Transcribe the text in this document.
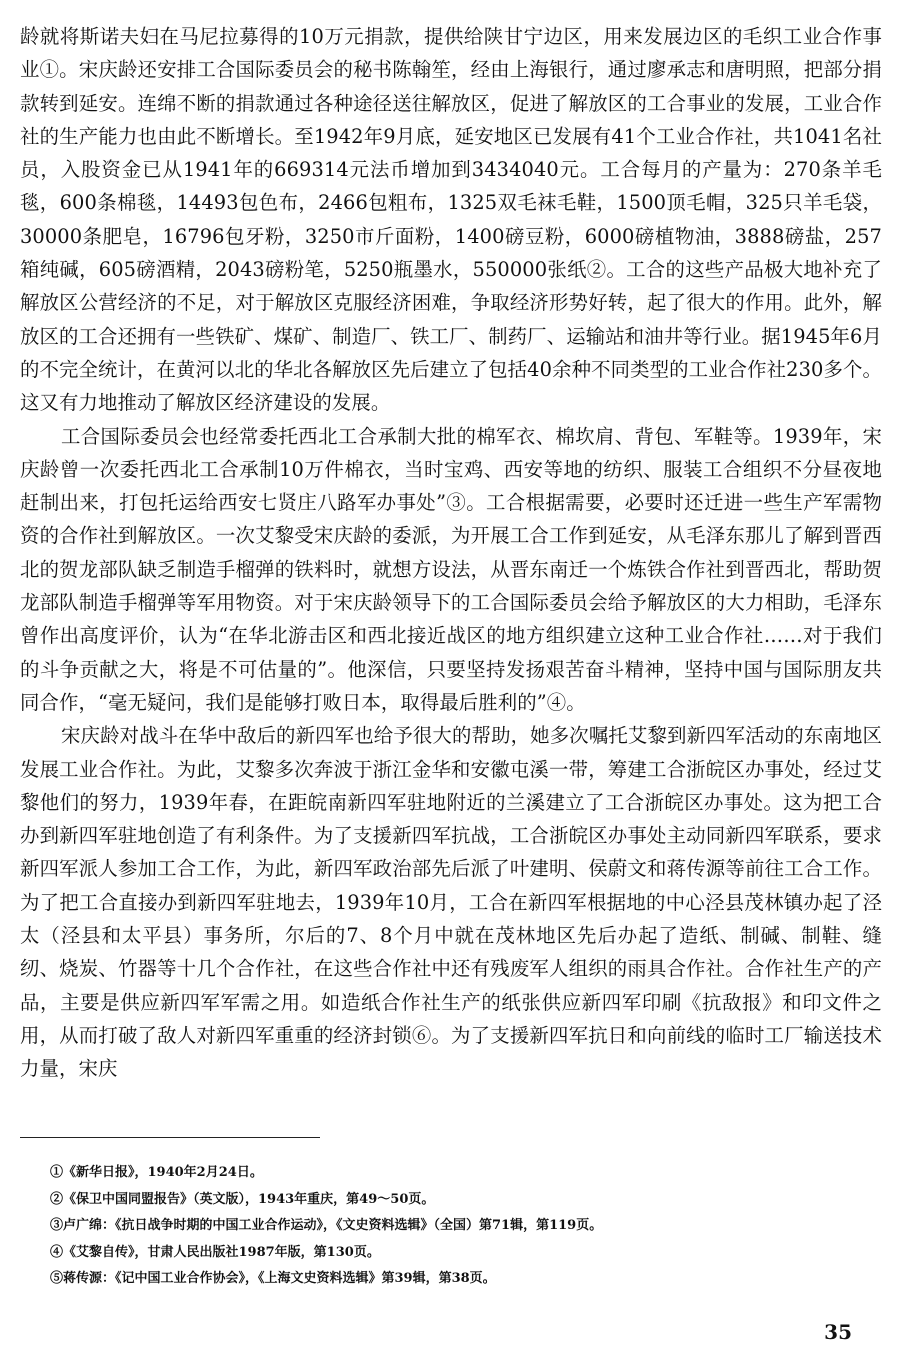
龄就将斯诺夫妇在马尼拉募得的10万元捐款，提供给陕甘宁边区，用来发展边区的毛织工业合作事业①。宋庆龄还安排工合国际委员会的秘书陈翰笙，经由上海银行，通过廖承志和唐明照，把部分捐款转到延安。连绵不断的捐款通过各种途径送往解放区，促进了解放区的工合事业的发展，工业合作社的生产能力也由此不断增长。至1942年9月底，延安地区已发展有41个工业合作社，共1041名社员，入股资金已从1941年的669314元法币增加到3434040元。工合每月的产量为：270条羊毛毯，600条棉毯，14493包色布，2466包粗布，1325双毛袜毛鞋，1500顶毛帽，325只羊毛袋，30000条肥皂，16796包牙粉，3250市斤面粉，1400磅豆粉，6000磅植物油，3888磅盐，257箱纯碱，605磅酒精，2043磅粉笔，5250瓶墨水，550000张纸②。工合的这些产品极大地补充了解放区公营经济的不足，对于解放区克服经济困难，争取经济形势好转，起了很大的作用。此外，解放区的工合还拥有一些铁矿、煤矿、制造厂、铁工厂、制药厂、运输站和油井等行业。据1945年6月的不完全统计，在黄河以北的华北各解放区先后建立了包括40余种不同类型的工业合作社230多个。这又有力地推动了解放区经济建设的发展。

工合国际委员会也经常委托西北工合承制大批的棉军衣、棉坎肩、背包、军鞋等。1939年，宋庆龄曾一次委托西北工合承制10万件棉衣，当时宝鸡、西安等地的纺织、服装工合组织不分昼夜地赶制出来，打包托运给西安七贤庄八路军办事处”③。工合根据需要，必要时还迁进一些生产军需物资的合作社到解放区。一次艾黎受宋庆龄的委派，为开展工合工作到延安，从毛泽东那儿了解到晋西北的贺龙部队缺乏制造手榴弹的铁料时，就想方设法，从晋东南迁一个炼铁合作社到晋西北，帮助贺龙部队制造手榴弹等军用物资。对于宋庆龄领导下的工合国际委员会给予解放区的大力相助，毛泽东曾作出高度评价，认为“在华北游击区和西北接近战区的地方组织建立这种工业合作社……对于我们的斗争贡献之大，将是不可估量的”。他深信，只要坚持发扬艰苦奋斗精神，坚持中国与国际朋友共同合作，“毫无疑问，我们是能够打败日本，取得最后胜利的”④。

宋庆龄对战斗在华中敌后的新四军也给予很大的帮助，她多次嘱托艾黎到新四军活动的东南地区发展工业合作社。为此，艾黎多次奔波于浙江金华和安徽屯溪一带，筹建工合浙皖区办事处，经过艾黎他们的努力，1939年春，在距皖南新四军驻地附近的兰溪建立了工合浙皖区办事处。这为把工合办到新四军驻地创造了有利条件。为了支援新四军抗战，工合浙皖区办事处主动同新四军联系，要求新四军派人参加工合工作，为此，新四军政治部先后派了叶建明、侯蔚文和蒋传源等前往工合工作。为了把工合直接办到新四军驻地去，1939年10月，工合在新四军根据地的中心泾县茂林镇办起了泾太（泾县和太平县）事务所，尔后的7、8个月中就在茂林地区先后办起了造纸、制碱、制鞋、缝纫、烧炭、竹器等十几个合作社，在这些合作社中还有残废军人组织的雨具合作社。合作社生产的产品，主要是供应新四军军需之用。如造纸合作社生产的纸张供应新四军印刷《抗敌报》和印文件之用，从而打破了敌人对新四军重重的经济封锁⑥。为了支援新四军抗日和向前线的临时工厂输送技术力量，宋庆

①《新华日报》，1940年2月24日。

②《保卫中国同盟报告》（英文版），1943年重庆，第49～50页。

③卢广绵：《抗日战争时期的中国工业合作运动》，《文史资料选辑》（全国）第71辑，第119页。

④《艾黎自传》，甘肃人民出版社1987年版，第130页。

⑤蒋传源：《记中国工业合作协会》，《上海文史资料选辑》第39辑，第38页。

35
